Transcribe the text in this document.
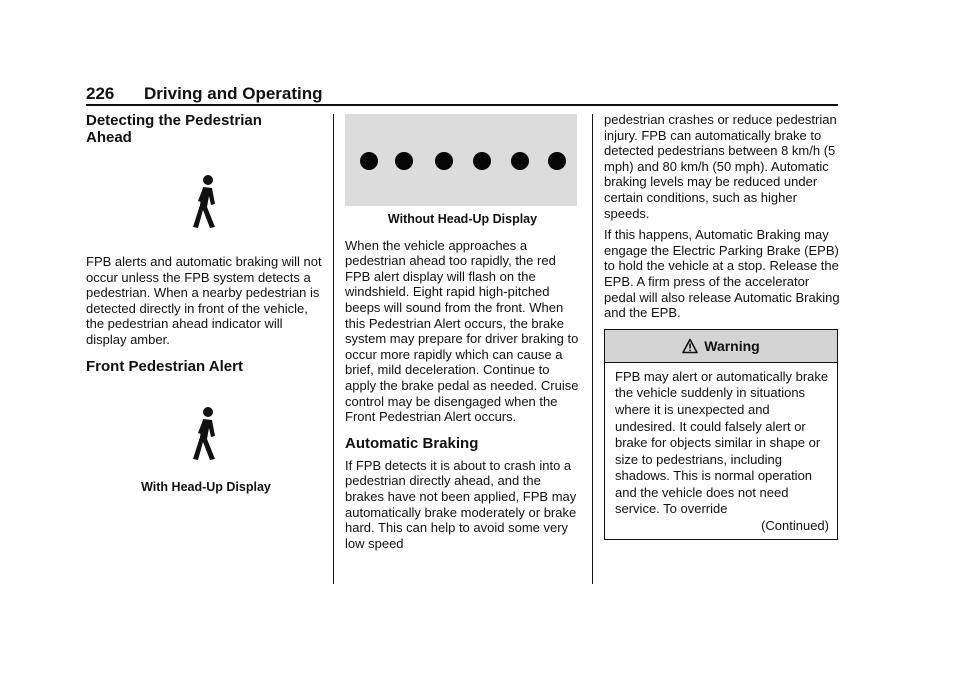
226 Driving and Operating
Detecting the Pedestrian Ahead

FPB alerts and automatic braking will not occur unless the FPB system detects a pedestrian. When a nearby pedestrian is detected directly in front of the vehicle, the pedestrian ahead indicator will display amber.

Front Pedestrian Alert

With Head-Up Display

Without Head-Up Display

When the vehicle approaches a pedestrian ahead too rapidly, the red FPB alert display will flash on the windshield. Eight rapid high-pitched beeps will sound from the front. When this Pedestrian Alert occurs, the brake system may prepare for driver braking to occur more rapidly which can cause a brief, mild deceleration. Continue to apply the brake pedal as needed. Cruise control may be disengaged when the Front Pedestrian Alert occurs.

Automatic Braking

If FPB detects it is about to crash into a pedestrian directly ahead, and the brakes have not been applied, FPB may automatically brake moderately or brake hard. This can help to avoid some very low speed

pedestrian crashes or reduce pedestrian injury. FPB can automatically brake to detected pedestrians between 8 km/h (5 mph) and 80 km/h (50 mph). Automatic braking levels may be reduced under certain conditions, such as higher speeds.

If this happens, Automatic Braking may engage the Electric Parking Brake (EPB) to hold the vehicle at a stop. Release the EPB. A firm press of the accelerator pedal will also release Automatic Braking and the EPB.

Warning

FPB may alert or automatically brake the vehicle suddenly in situations where it is unexpected and undesired. It could falsely alert or brake for objects similar in shape or size to pedestrians, including shadows. This is normal operation and the vehicle does not need service. To override

(Continued)
